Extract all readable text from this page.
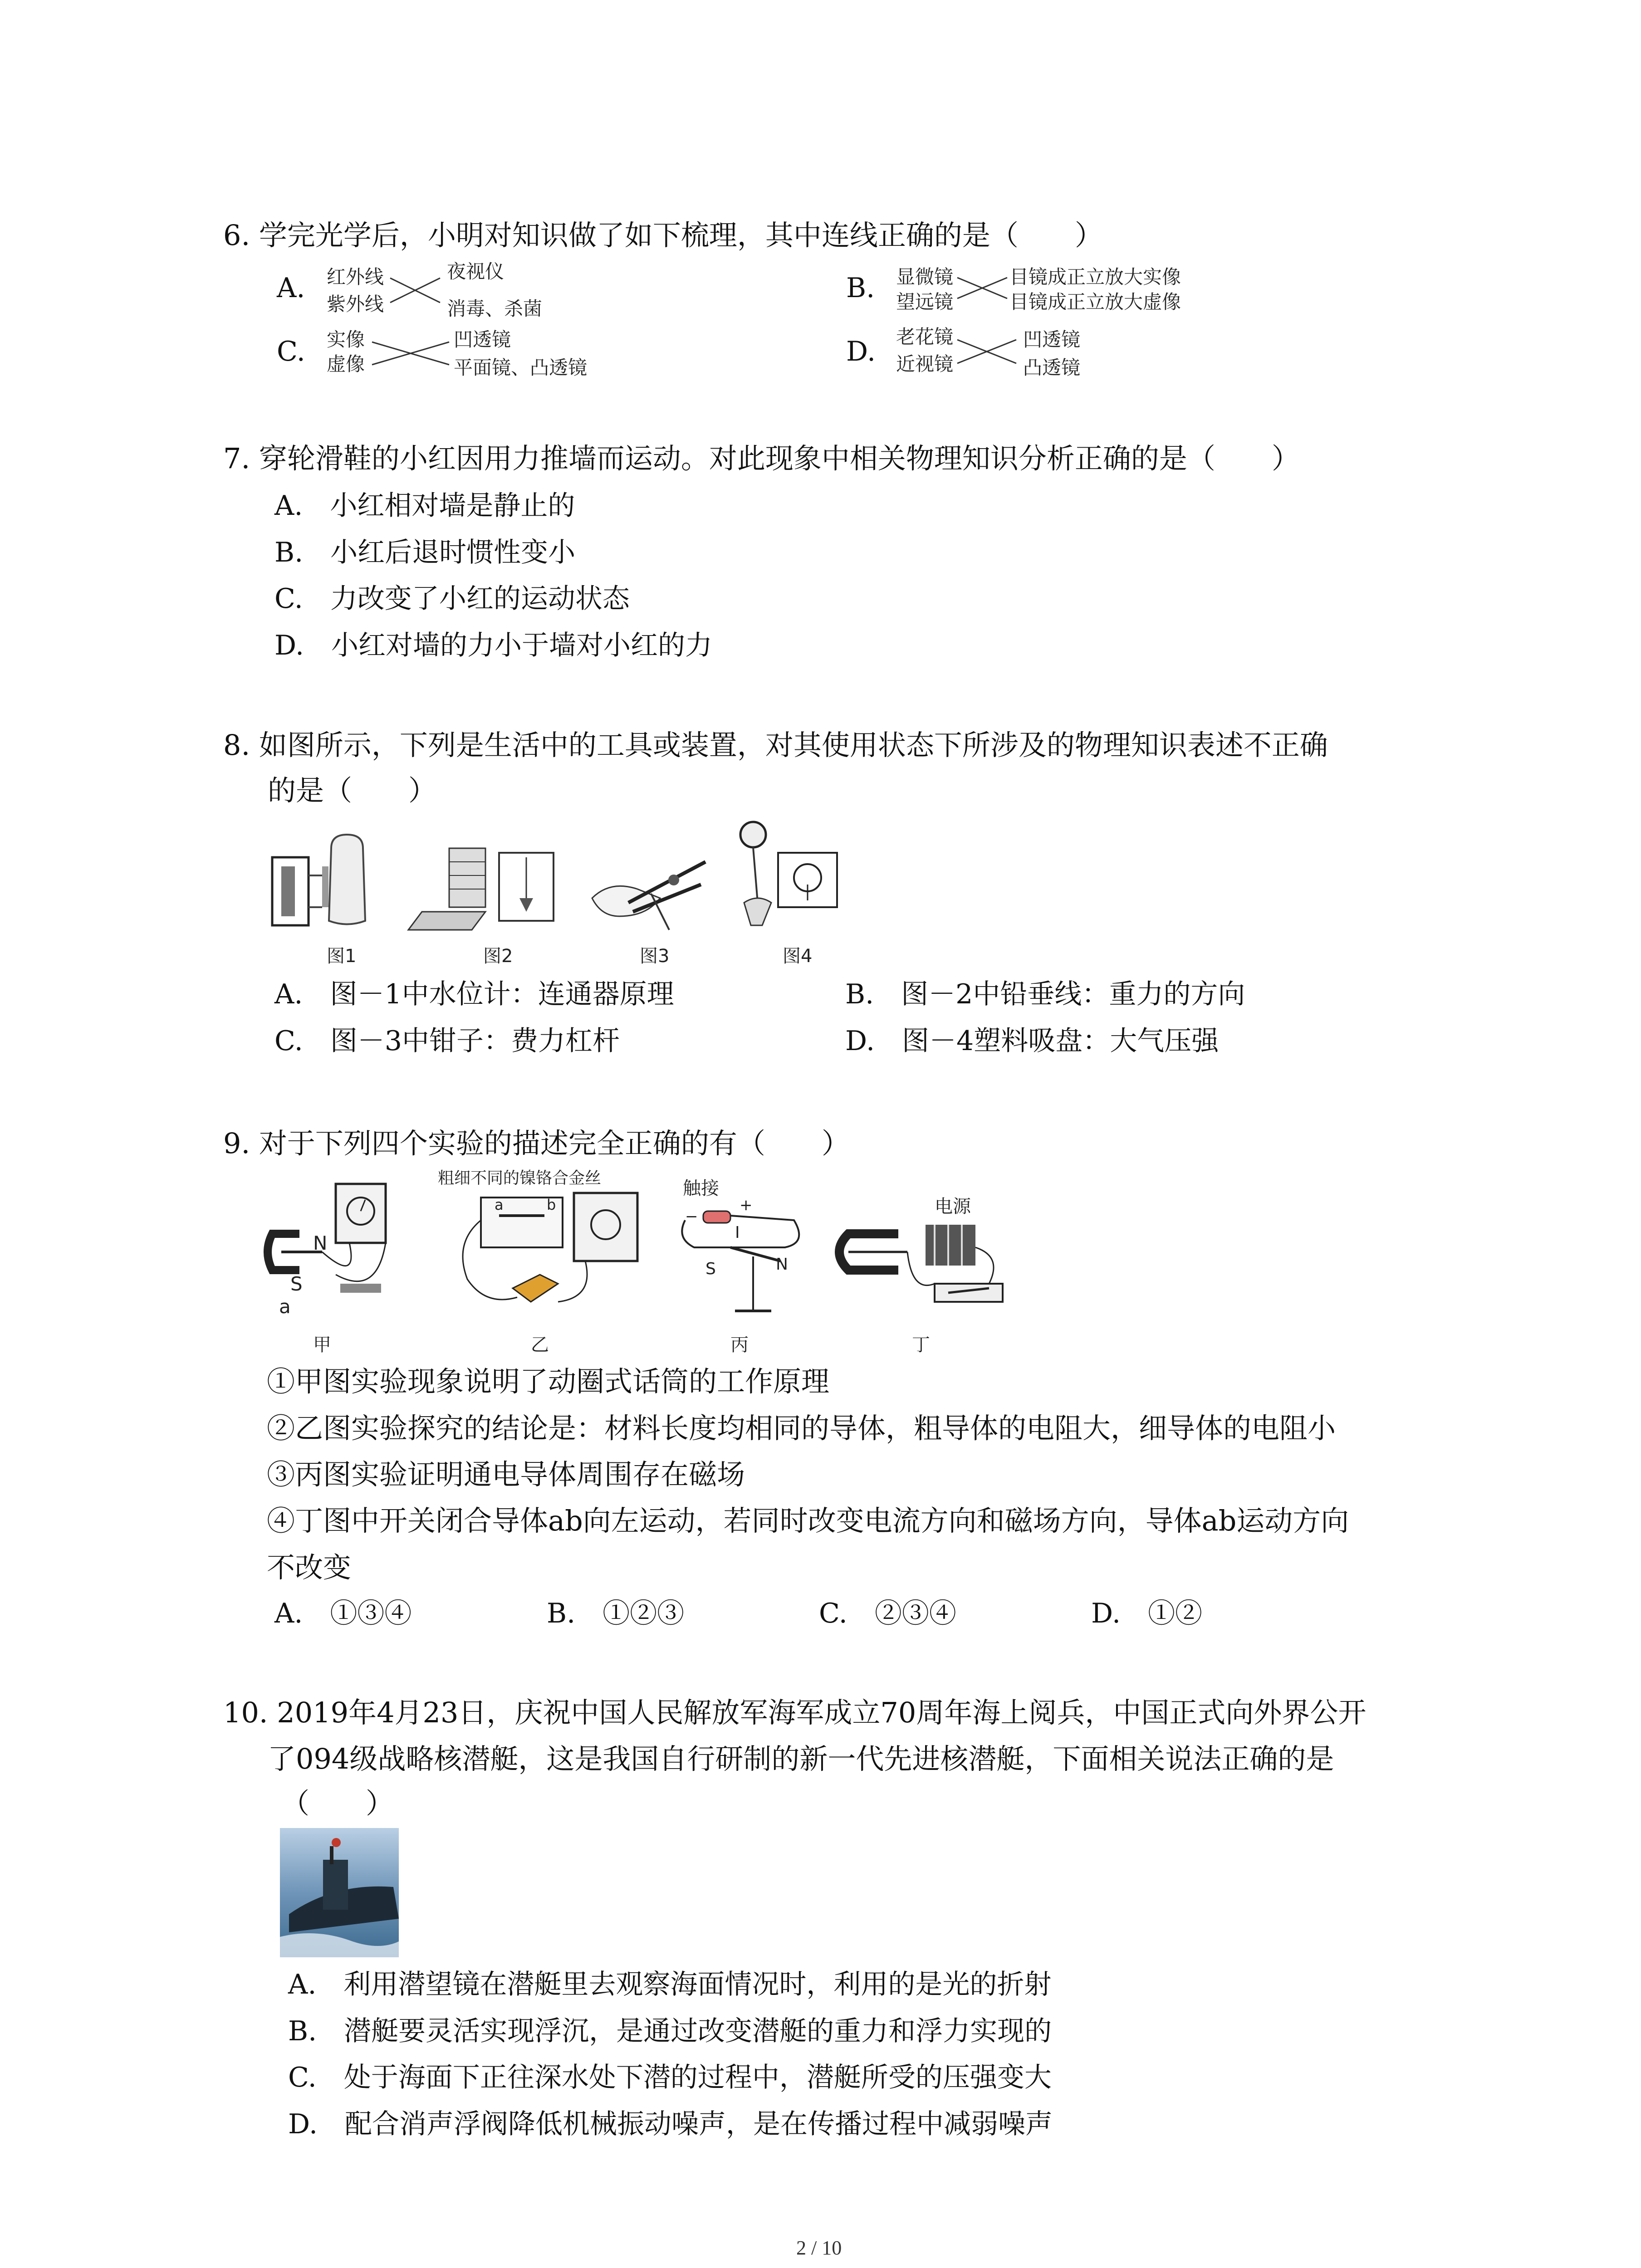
6. 学完光学后，小明对知识做了如下梳理，其中连线正确的是（　　）
A. 红外线
紫外线
夜视仪
消毒、杀菌
B. 显微镜
望远镜
目镜成正立放大实像
目镜成正立放大虚像
C. 实像
虚像
凹透镜
平面镜、凸透镜
D. 老花镜
近视镜
凹透镜
凸透镜
7. 穿轮滑鞋的小红因用力推墙而运动。对此现象中相关物理知识分析正确的是（　　）
A.　小红相对墙是静止的
B.　小红后退时惯性变小
C.　力改变了小红的运动状态
D.　小红对墙的力小于墙对小红的力
8. 如图所示，下列是生活中的工具或装置，对其使用状态下所涉及的物理知识表述不正确
的是（　　）
图1	图2	图3	图4
A.　图－1中水位计：连通器原理	B.　图－2中铅垂线：重力的方向
C.　图－3中钳子：费力杠杆	D.　图－4塑料吸盘：大气压强
9. 对于下列四个实验的描述完全正确的有（　　）
N
S
a
甲
粗细不同的镍铬合金丝
a	b
乙
触接
−
+
I
S	N
丙
电源
丁
①甲图实验现象说明了动圈式话筒的工作原理
②乙图实验探究的结论是：材料长度均相同的导体，粗导体的电阻大，细导体的电阻小
③丙图实验证明通电导体周围存在磁场
④丁图中开关闭合导体ab向左运动，若同时改变电流方向和磁场方向，导体ab运动方向
不改变
A.　①③④	B.　①②③	C.　②③④	D.　①②
10. 2019年4月23日，庆祝中国人民解放军海军成立70周年海上阅兵，中国正式向外界公开
了094级战略核潜艇，这是我国自行研制的新一代先进核潜艇，下面相关说法正确的是
（　　）
A.　利用潜望镜在潜艇里去观察海面情况时，利用的是光的折射
B.　潜艇要灵活实现浮沉，是通过改变潜艇的重力和浮力实现的
C.　处于海面下正往深水处下潜的过程中，潜艇所受的压强变大
D.　配合消声浮阀降低机械振动噪声，是在传播过程中减弱噪声
2 / 10
